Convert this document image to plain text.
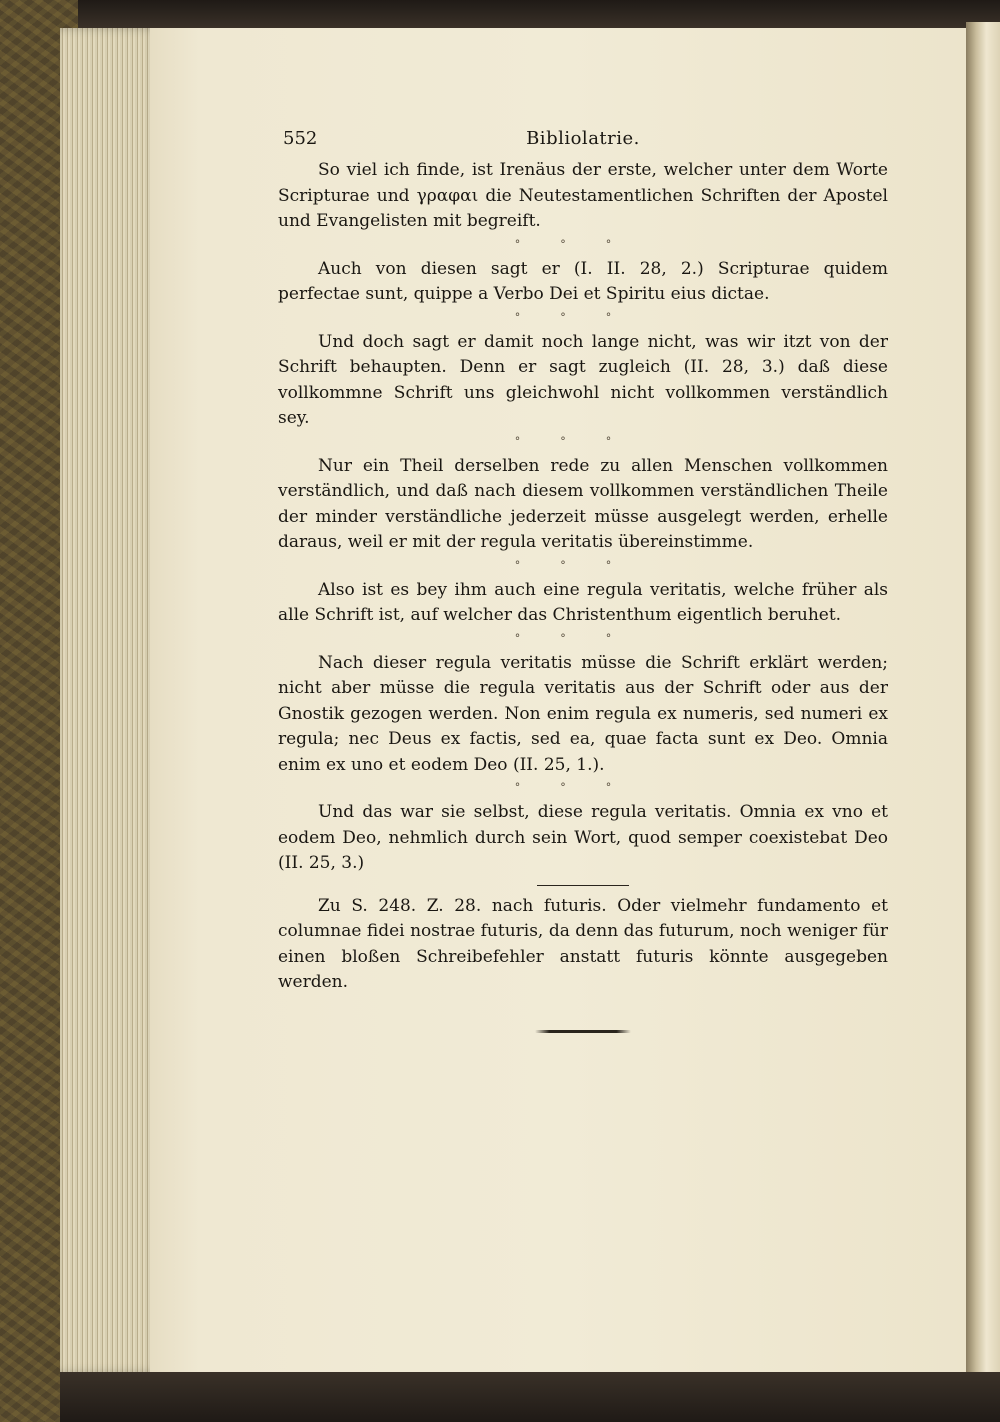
552	Bibliolatrie.

So viel ich finde, ist Irenäus der erste, welcher unter dem Worte Scripturae und γραφαι die Neutestamentlichen Schriften der Apostel und Evangelisten mit begreift.

°°°

Auch von diesen sagt er (I. II. 28, 2.) Scripturae quidem perfectae sunt, quippe a Verbo Dei et Spiritu eius dictae.

°°°

Und doch sagt er damit noch lange nicht, was wir itzt von der Schrift behaupten. Denn er sagt zugleich (II. 28, 3.) daß diese vollkommne Schrift uns gleichwohl nicht vollkommen verständlich sey.

°°°

Nur ein Theil derselben rede zu allen Menschen vollkommen verständlich, und daß nach diesem vollkommen verständlichen Theile der minder verständliche jederzeit müsse ausgelegt werden, erhelle daraus, weil er mit der regula veritatis übereinstimme.

°°°

Also ist es bey ihm auch eine regula veritatis, welche früher als alle Schrift ist, auf welcher das Christenthum eigentlich beruhet.

°°°

Nach dieser regula veritatis müsse die Schrift erklärt werden; nicht aber müsse die regula veritatis aus der Schrift oder aus der Gnostik gezogen werden. Non enim regula ex numeris, sed numeri ex regula; nec Deus ex factis, sed ea, quae facta sunt ex Deo. Omnia enim ex uno et eodem Deo (II. 25, 1.).

°°°

Und das war sie selbst, diese regula veritatis. Omnia ex vno et eodem Deo, nehmlich durch sein Wort, quod semper coexistebat Deo (II. 25, 3.)

Zu S. 248. Z. 28. nach futuris. Oder vielmehr fundamento et columnae fidei nostrae futuris, da denn das futurum, noch weniger für einen bloßen Schreibefehler anstatt futuris könnte ausgegeben werden.
